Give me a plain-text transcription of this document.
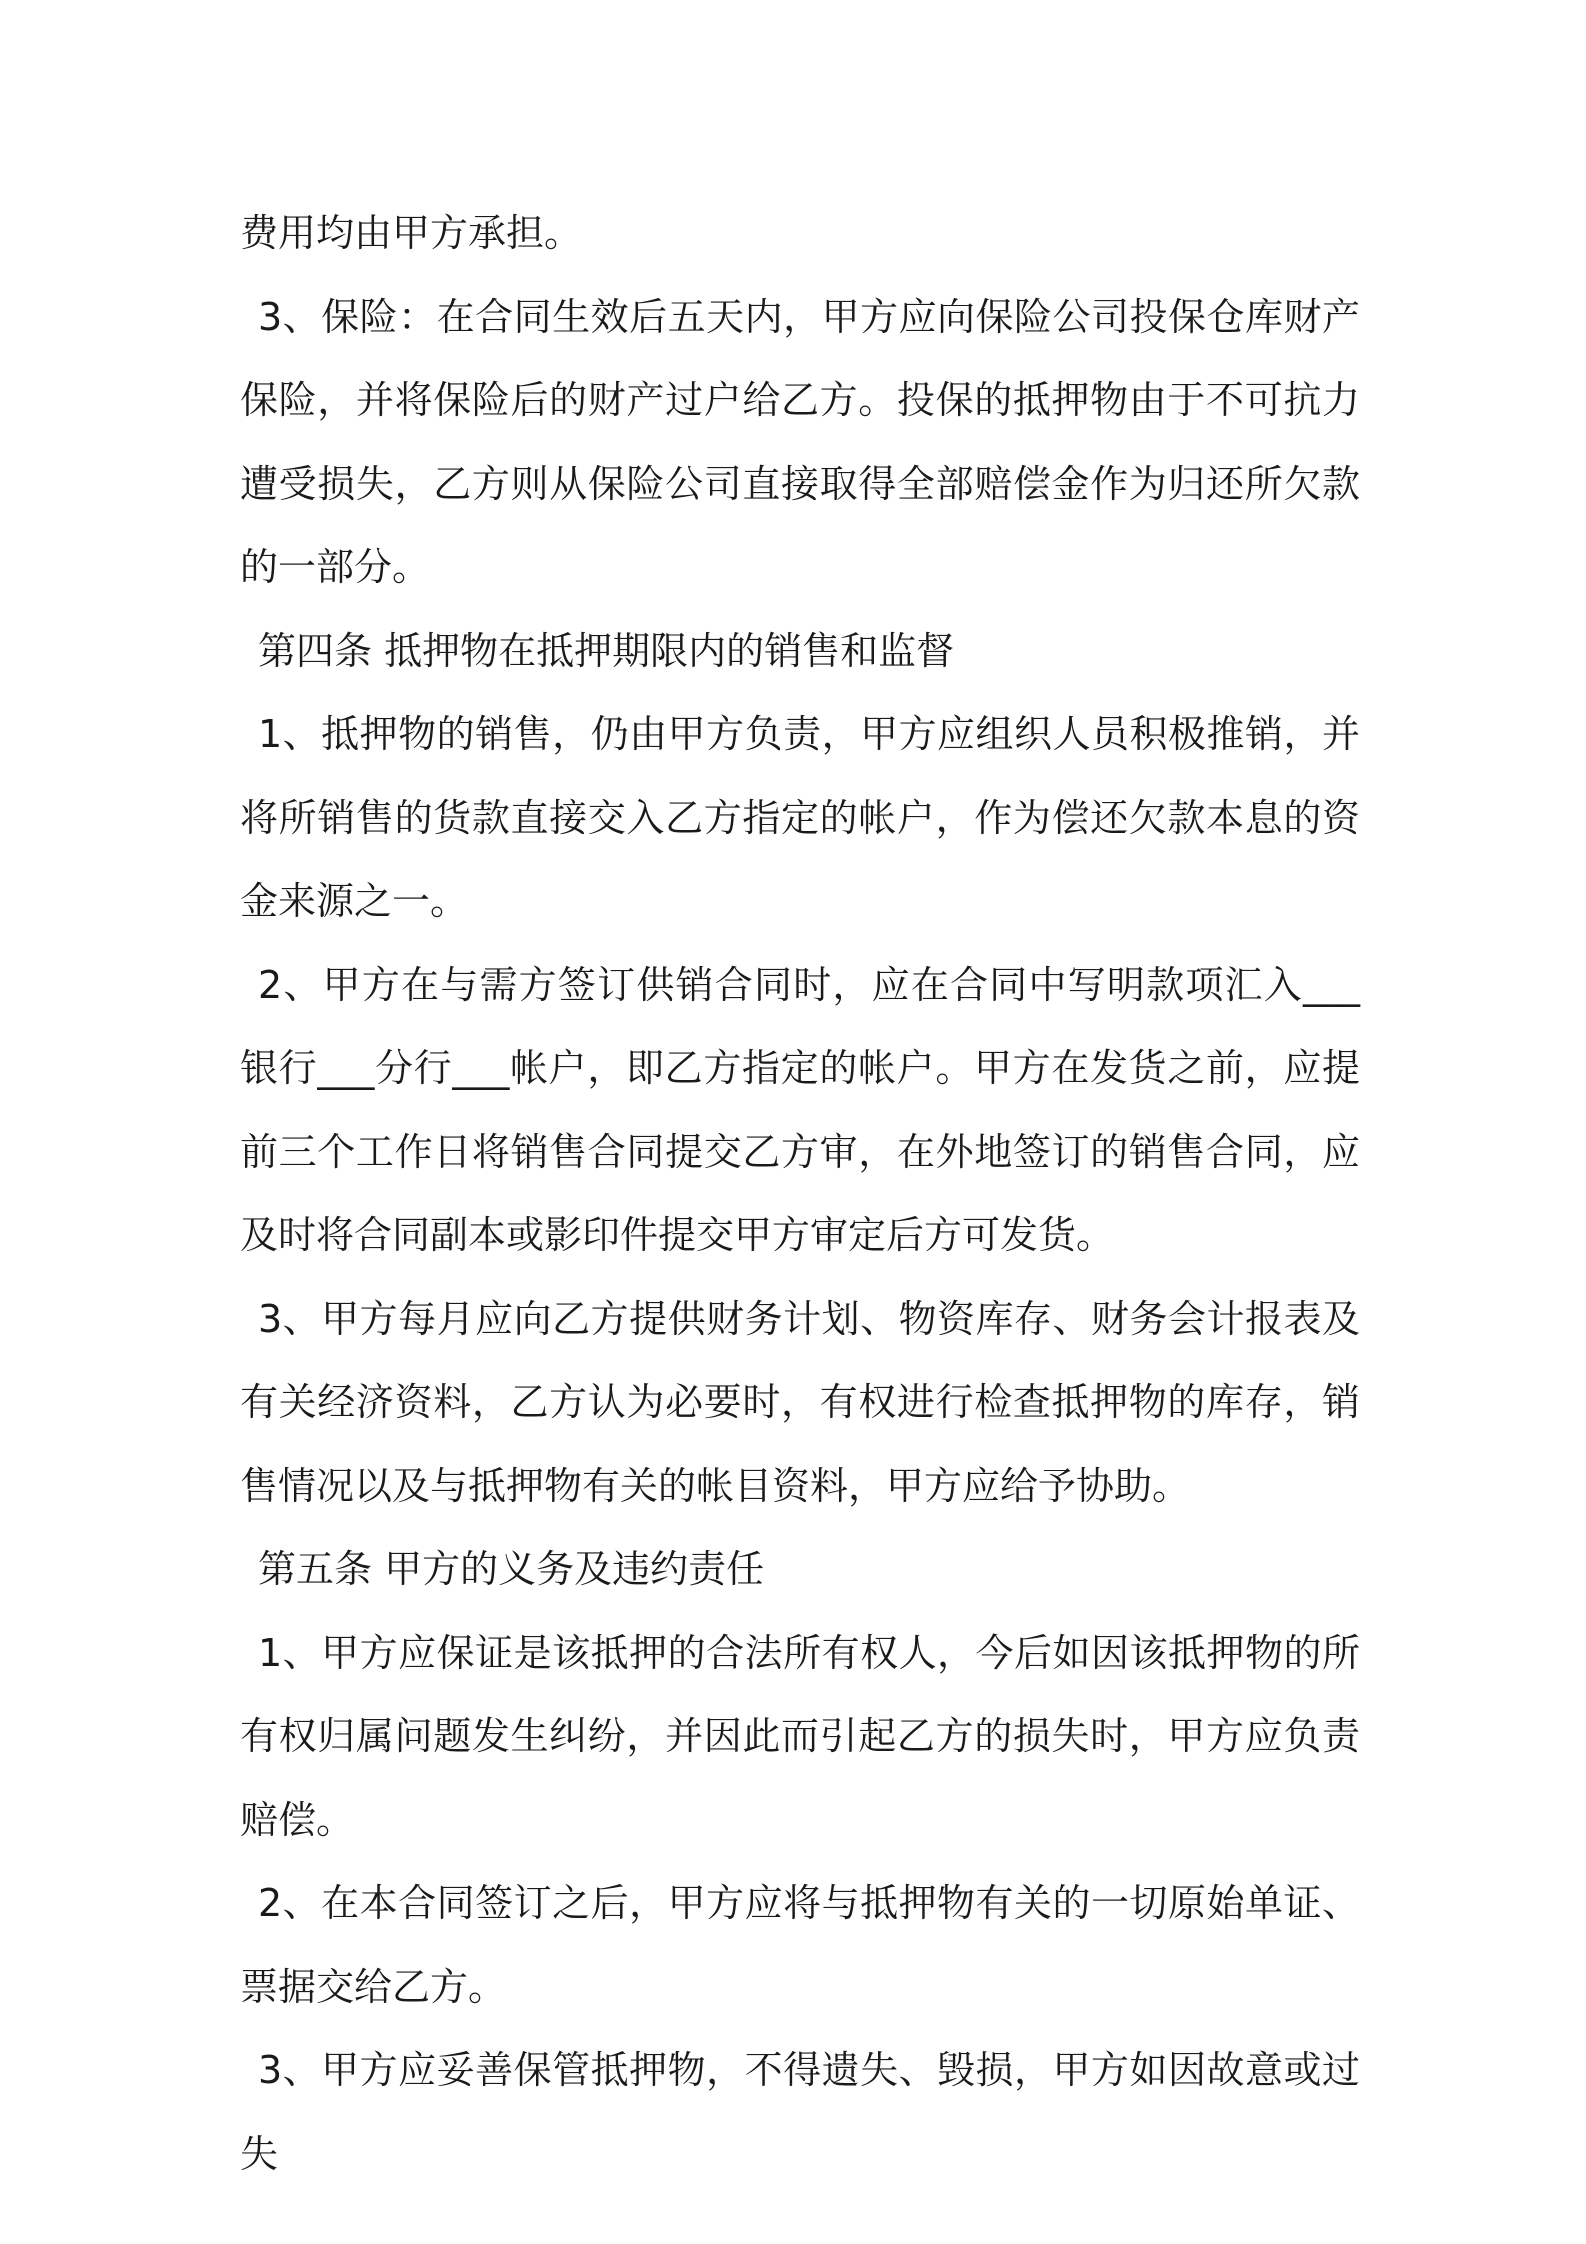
费用均由甲方承担。

3、保险：在合同生效后五天内，甲方应向保险公司投保仓库财产保险，并将保险后的财产过户给乙方。投保的抵押物由于不可抗力遭受损失，乙方则从保险公司直接取得全部赔偿金作为归还所欠款的一部分。

第四条 抵押物在抵押期限内的销售和监督

1、抵押物的销售，仍由甲方负责，甲方应组织人员积极推销，并将所销售的货款直接交入乙方指定的帐户，作为偿还欠款本息的资金来源之一。

2、甲方在与需方签订供销合同时，应在合同中写明款项汇入___银行___分行___帐户，即乙方指定的帐户。甲方在发货之前，应提前三个工作日将销售合同提交乙方审，在外地签订的销售合同，应及时将合同副本或影印件提交甲方审定后方可发货。

3、甲方每月应向乙方提供财务计划、物资库存、财务会计报表及有关经济资料，乙方认为必要时，有权进行检查抵押物的库存，销售情况以及与抵押物有关的帐目资料，甲方应给予协助。

第五条 甲方的义务及违约责任

1、甲方应保证是该抵押的合法所有权人，今后如因该抵押物的所有权归属问题发生纠纷，并因此而引起乙方的损失时，甲方应负责赔偿。

2、在本合同签订之后，甲方应将与抵押物有关的一切原始单证、票据交给乙方。

3、甲方应妥善保管抵押物，不得遗失、毁损，甲方如因故意或过失
